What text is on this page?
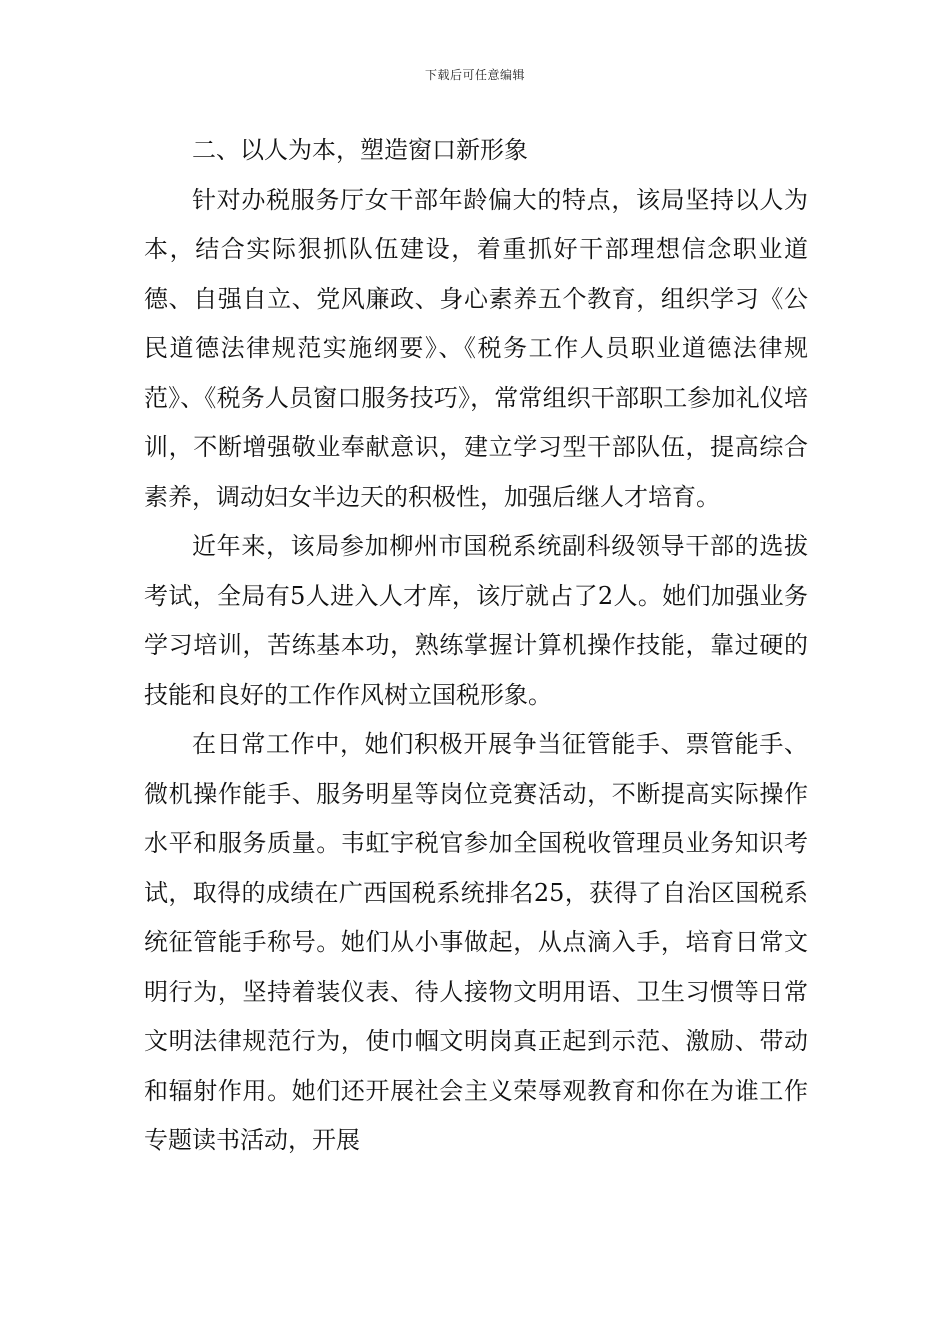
下载后可任意编辑

二、以人为本，塑造窗口新形象

针对办税服务厅女干部年龄偏大的特点，该局坚持以人为本，结合实际狠抓队伍建设，着重抓好干部理想信念职业道德、自强自立、党风廉政、身心素养五个教育，组织学习《公民道德法律规范实施纲要》、《税务工作人员职业道德法律规范》、《税务人员窗口服务技巧》，常常组织干部职工参加礼仪培训，不断增强敬业奉献意识，建立学习型干部队伍，提高综合素养，调动妇女半边天的积极性，加强后继人才培育。

近年来，该局参加柳州市国税系统副科级领导干部的选拔考试，全局有5人进入人才库，该厅就占了2人。她们加强业务学习培训，苦练基本功，熟练掌握计算机操作技能，靠过硬的技能和良好的工作作风树立国税形象。

在日常工作中，她们积极开展争当征管能手、票管能手、微机操作能手、服务明星等岗位竞赛活动，不断提高实际操作水平和服务质量。韦虹宇税官参加全国税收管理员业务知识考试，取得的成绩在广西国税系统排名25，获得了自治区国税系统征管能手称号。她们从小事做起，从点滴入手，培育日常文明行为，坚持着装仪表、待人接物文明用语、卫生习惯等日常文明法律规范行为，使巾帼文明岗真正起到示范、激励、带动和辐射作用。她们还开展社会主义荣辱观教育和你在为谁工作专题读书活动，开展
